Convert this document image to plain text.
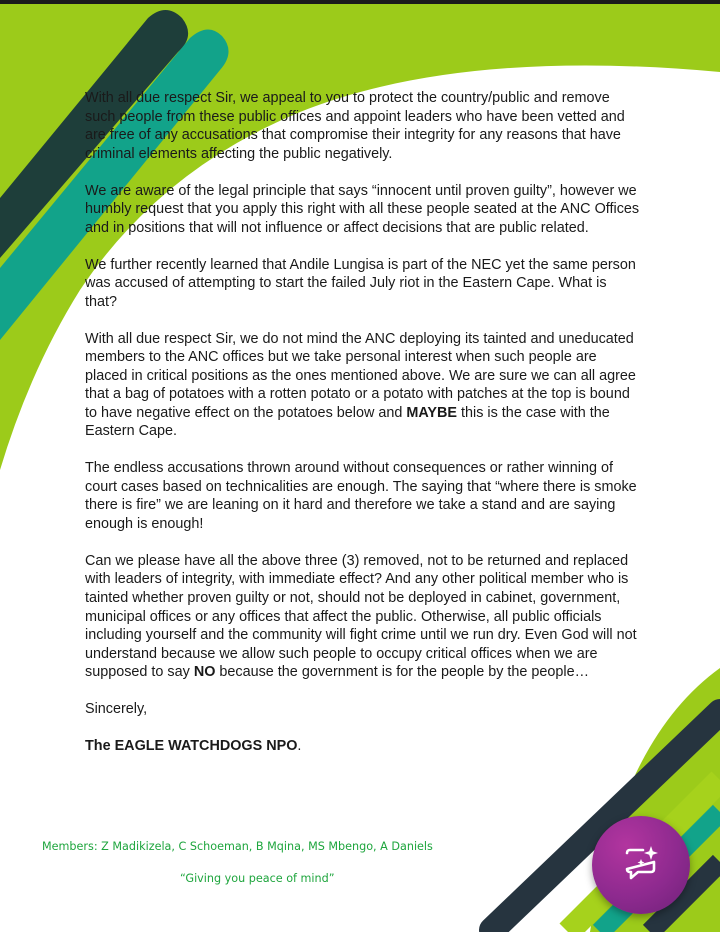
With all due respect Sir, we appeal to you to protect the country/public and remove such people from these public offices and appoint leaders who have been vetted and are free of any accusations that compromise their integrity for any reasons that have criminal elements affecting the public negatively.

We are aware of the legal principle that says “innocent until proven guilty”, however we humbly request that you apply this right with all these people seated at the ANC Offices and in positions that will not influence or affect decisions that are public related.

We further recently learned that Andile Lungisa is part of the NEC yet the same person was accused of attempting to start the failed July riot in the Eastern Cape. What is that?

With all due respect Sir, we do not mind the ANC deploying its tainted and uneducated members to the ANC offices but we take personal interest when such people are placed in critical positions as the ones mentioned above. We are sure we can all agree that a bag of potatoes with a rotten potato or a potato with patches at the top is bound to have negative effect on the potatoes below and MAYBE this is the case with the Eastern Cape.

The endless accusations thrown around without consequences or rather winning of court cases based on technicalities are enough. The saying that “where there is smoke there is fire” we are leaning on it hard and therefore we take a stand and are saying enough is enough!

Can we please have all the above three (3) removed, not to be returned and replaced with leaders of integrity, with immediate effect? And any other political member who is tainted whether proven guilty or not, should not be deployed in cabinet, government, municipal offices or any offices that affect the public. Otherwise, all public officials including yourself and the community will fight crime until we run dry. Even God will not understand because we allow such people to occupy critical offices when we are supposed to say NO because the government is for the people by the people…

Sincerely,

The EAGLE WATCHDOGS NPO.

Members: Z Madikizela, C Schoeman, B Mqina, MS Mbengo, A Daniels
“Giving you peace of mind”
